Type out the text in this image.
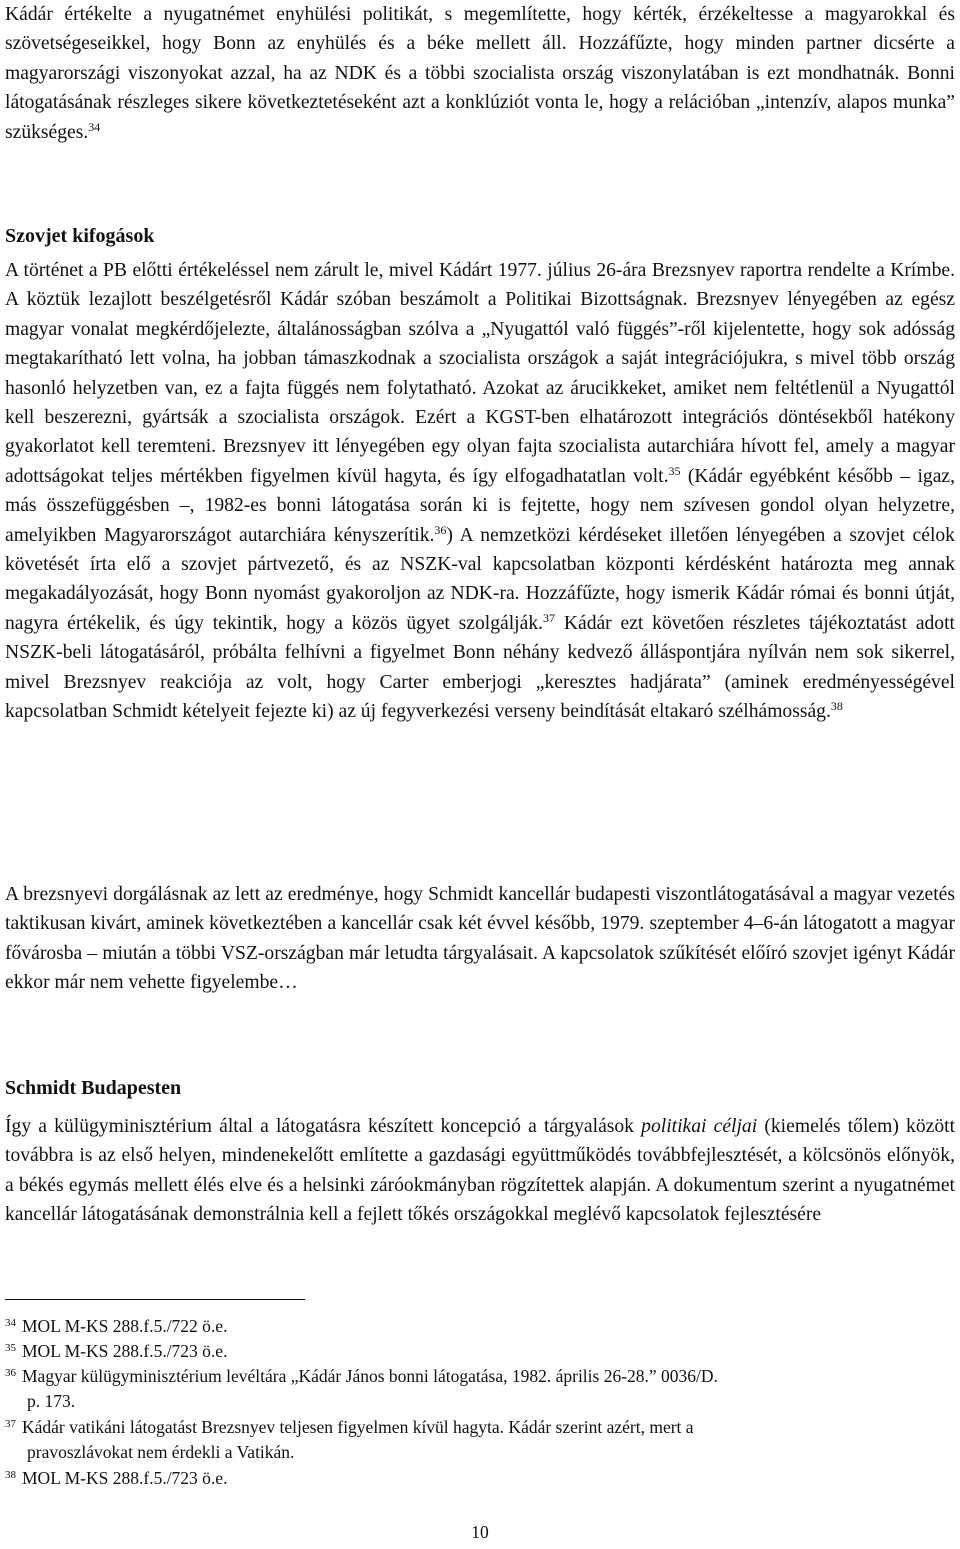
Kádár értékelte a nyugatnémet enyhülési politikát, s megemlítette, hogy kérték, érzékeltesse a magyarokkal és szövetségeseikkel, hogy Bonn az enyhülés és a béke mellett áll. Hozzáfűzte, hogy minden partner dicsérte a magyarországi viszonyokat azzal, ha az NDK és a többi szocialista ország viszonylatában is ezt mondhatnák. Bonni látogatásának részleges sikere következtetéseként azt a konklúziót vonta le, hogy a relációban „intenzív, alapos munka” szükséges.$^{34}$

Szovjet kifogások

A történet a PB előtti értékeléssel nem zárult le, mivel Kádárt 1977. július 26-ára Brezsnyev raportra rendelte a Krímbe. A köztük lezajlott beszélgetésről Kádár szóban beszámolt a Politikai Bizottságnak. Brezsnyev lényegében az egész magyar vonalat megkérdőjelezte, általánosságban szólva a „Nyugattól való függés”-ről kijelentette, hogy sok adósság megtakarítható lett volna, ha jobban támaszkodnak a szocialista országok a saját integrációjukra, s mivel több ország hasonló helyzetben van, ez a fajta függés nem folytatható. Azokat az árucikkeket, amiket nem feltétlenül a Nyugattól kell beszerezni, gyártsák a szocialista országok. Ezért a KGST-ben elhatározott integrációs döntésekből hatékony gyakorlatot kell teremteni. Brezsnyev itt lényegében egy olyan fajta szocialista autarchiára hívott fel, amely a magyar adottságokat teljes mértékben figyelmen kívül hagyta, és így elfogadhatatlan volt.$^{35}$ (Kádár egyébként később – igaz, más összefüggésben –, 1982-es bonni látogatása során ki is fejtette, hogy nem szívesen gondol olyan helyzetre, amelyikben Magyarországot autarchiára kényszerítik.$^{36}$) A nemzetközi kérdéseket illetően lényegében a szovjet célok követését írta elő a szovjet pártvezető, és az NSZK-val kapcsolatban központi kérdésként határozta meg annak megakadályozását, hogy Bonn nyomást gyakoroljon az NDK-ra. Hozzáfűzte, hogy ismerik Kádár római és bonni útját, nagyra értékelik, és úgy tekintik, hogy a közös ügyet szolgálják.$^{37}$ Kádár ezt követően részletes tájékoztatást adott NSZK-beli látogatásáról, próbálta felhívni a figyelmet Bonn néhány kedvező álláspontjára nyílván nem sok sikerrel, mivel Brezsnyev reakciója az volt, hogy Carter emberjogi „keresztes hadjárata” (aminek eredményességével kapcsolatban Schmidt kételyeit fejezte ki) az új fegyverkezési verseny beindítását eltakaró szélhámosság.$^{38}$

A brezsnyevi dorgálásnak az lett az eredménye, hogy Schmidt kancellár budapesti viszontlátogatásával a magyar vezetés taktikusan kivárt, aminek következtében a kancellár csak két évvel később, 1979. szeptember 4–6-án látogatott a magyar fővárosba – miután a többi VSZ-országban már letudta tárgyalásait. A kapcsolatok szűkítését előíró szovjet igényt Kádár ekkor már nem vehette figyelembe…

Schmidt Budapesten

Így a külügyminisztérium által a látogatásra készített koncepció a tárgyalások politikai céljai (kiemelés tőlem) között továbbra is az első helyen, mindenekelőtt említette a gazdasági együttműködés továbbfejlesztését, a kölcsönös előnyök, a békés egymás mellett élés elve és a helsinki záróokmányban rögzítettek alapján. A dokumentum szerint a nyugatnémet kancellár látogatásának demonstrálnia kell a fejlett tőkés országokkal meglévő kapcsolatok fejlesztésére

$^{34}$ MOL M-KS 288.f.5./722 ö.e.
$^{35}$ MOL M-KS 288.f.5./723 ö.e.
$^{36}$ Magyar külügyminisztérium levéltára „Kádár János bonni látogatása, 1982. április 26-28.” 0036/D.
p. 173.
$^{37}$ Kádár vatikáni látogatást Brezsnyev teljesen figyelmen kívül hagyta. Kádár szerint azért, mert a
pravoszlávokat nem érdekli a Vatikán.
$^{38}$ MOL M-KS 288.f.5./723 ö.e.
10
